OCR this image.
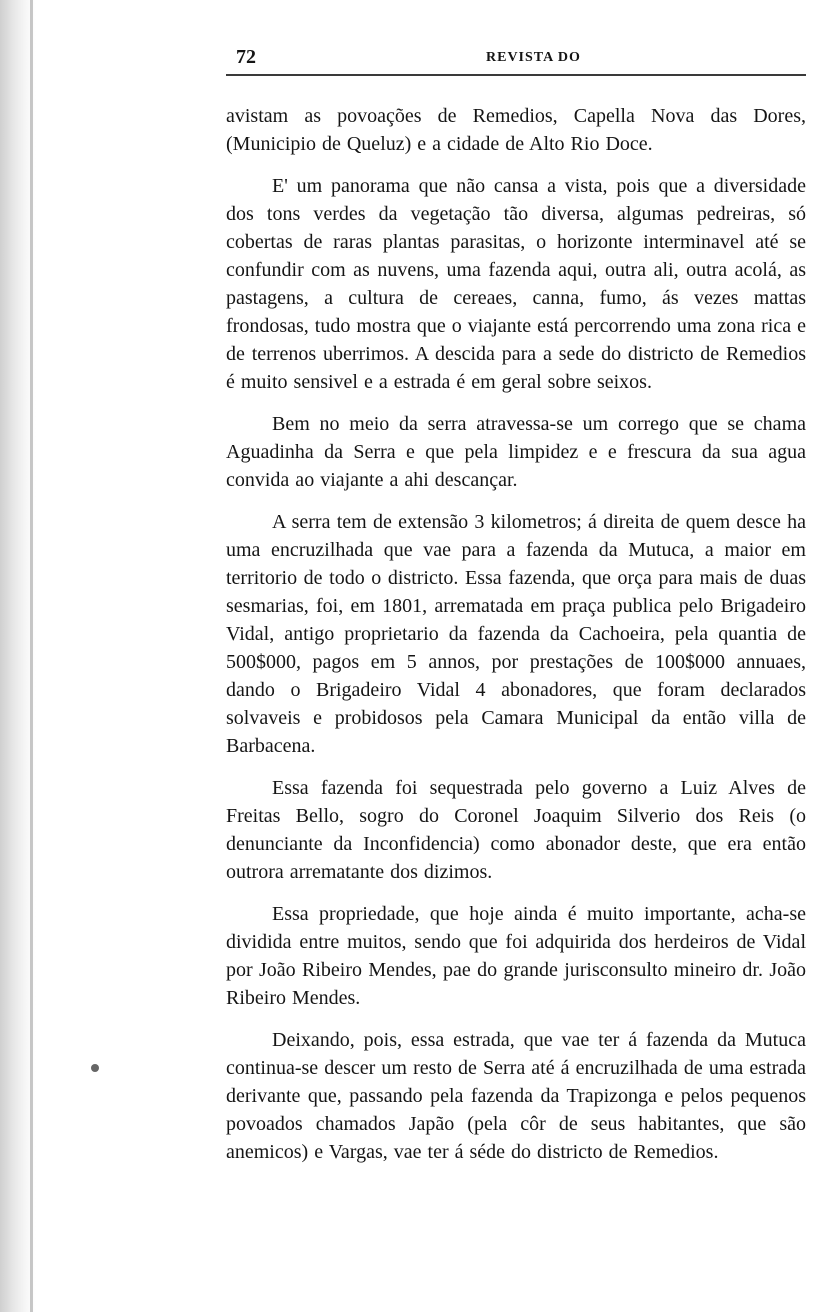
72	REVISTA DO

avistam as povoações de Remedios, Capella Nova das Dores, (Municipio de Queluz) e a cidade de Alto Rio Doce.

E' um panorama que não cansa a vista, pois que a diversidade dos tons verdes da vegetação tão diversa, algumas pedreiras, só cobertas de raras plantas parasitas, o horizonte interminavel até se confundir com as nuvens, uma fazenda aqui, outra ali, outra acolá, as pastagens, a cultura de cereaes, canna, fumo, ás vezes mattas frondosas, tudo mostra que o viajante está percorrendo uma zona rica e de terrenos uberrimos. A descida para a sede do districto de Remedios é muito sensivel e a estrada é em geral sobre seixos.

Bem no meio da serra atravessa-se um corrego que se chama Aguadinha da Serra e que pela limpidez e e frescura da sua agua convida ao viajante a ahi descançar.

A serra tem de extensão 3 kilometros; á direita de quem desce ha uma encruzilhada que vae para a fazenda da Mutuca, a maior em territorio de todo o districto. Essa fazenda, que orça para mais de duas sesmarias, foi, em 1801, arrematada em praça publica pelo Brigadeiro Vidal, antigo proprietario da fazenda da Cachoeira, pela quantia de 500$000, pagos em 5 annos, por prestações de 100$000 annuaes, dando o Brigadeiro Vidal 4 abonadores, que foram declarados solvaveis e probidosos pela Camara Municipal da então villa de Barbacena.

Essa fazenda foi sequestrada pelo governo a Luiz Alves de Freitas Bello, sogro do Coronel Joaquim Silverio dos Reis (o denunciante da Inconfidencia) como abonador deste, que era então outrora arrematante dos dizimos.

Essa propriedade, que hoje ainda é muito importante, acha-se dividida entre muitos, sendo que foi adquirida dos herdeiros de Vidal por João Ribeiro Mendes, pae do grande jurisconsulto mineiro dr. João Ribeiro Mendes.

Deixando, pois, essa estrada, que vae ter á fazenda da Mutuca continua-se descer um resto de Serra até á encruzilhada de uma estrada derivante que, passando pela fazenda da Trapizonga e pelos pequenos povoados chamados Japão (pela côr de seus habitantes, que são anemicos) e Vargas, vae ter á séde do districto de Remedios.
